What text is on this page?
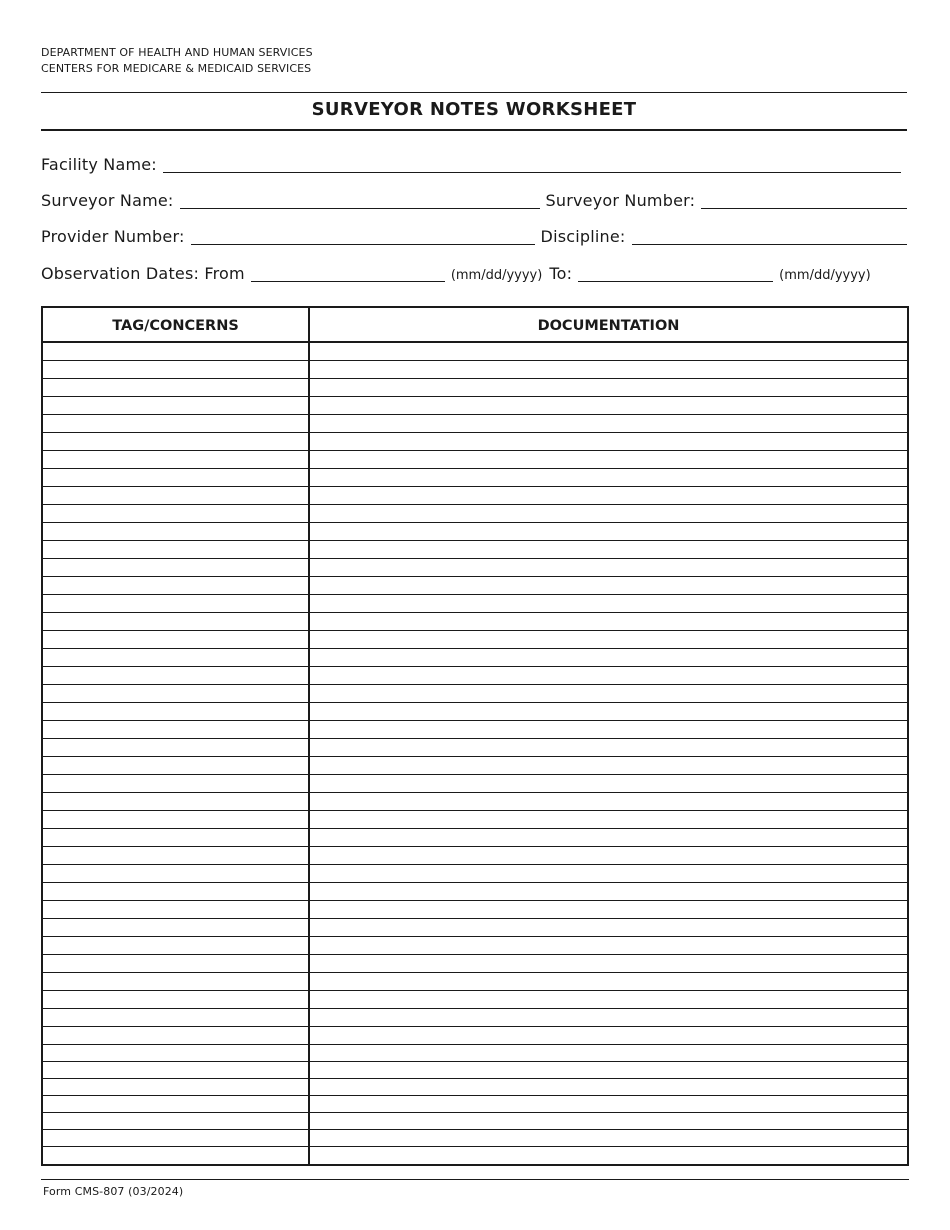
DEPARTMENT OF HEALTH AND HUMAN SERVICES
CENTERS FOR MEDICARE & MEDICAID SERVICES
SURVEYOR NOTES WORKSHEET
Facility Name:
Surveyor Name:	Surveyor Number:
Provider Number:	Discipline:
Observation Dates: From	(mm/dd/yyyy) To:	(mm/dd/yyyy)
TAG/CONCERNS	DOCUMENTATION
Form CMS-807 (03/2024)
